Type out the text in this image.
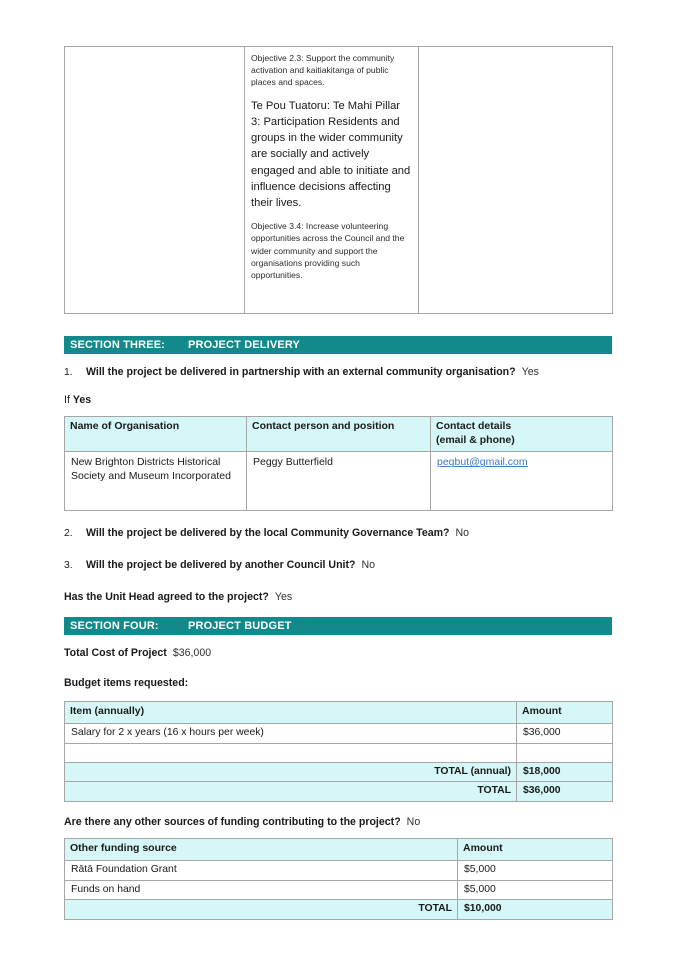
Objective 2.3: Support the community activation and kaitiakitanga of public places and spaces.
Te Pou Tuatoru: Te Mahi Pillar 3: Participation Residents and groups in the wider community are socially and actively engaged and able to initiate and influence decisions affecting their lives.
Objective 3.4: Increase volunteering opportunities across the Council and the wider community and support the organisations providing such opportunities.

SECTION THREE: PROJECT DELIVERY
1.	Will the project be delivered in partnership with an external community organisation? Yes
If Yes
Name of Organisation	Contact person and position	Contact details
(email & phone)

New Brighton Districts Historical Society and Museum Incorporated	Peggy Butterfield	pegbut@gmail.com
2.	Will the project be delivered by the local Community Governance Team? No
3.	Will the project be delivered by another Council Unit? No
Has the Unit Head agreed to the project? Yes
SECTION FOUR:	PROJECT BUDGET
Total Cost of Project $36,000
Budget items requested:
Item (annually)	Amount
Salary for 2 x years (16 x hours per week)	$36,000

TOTAL (annual)	$18,000
TOTAL	$36,000
Are there any other sources of funding contributing to the project? No
Other funding source	Amount
Rātā Foundation Grant	$5,000
Funds on hand	$5,000
TOTAL	$10,000
